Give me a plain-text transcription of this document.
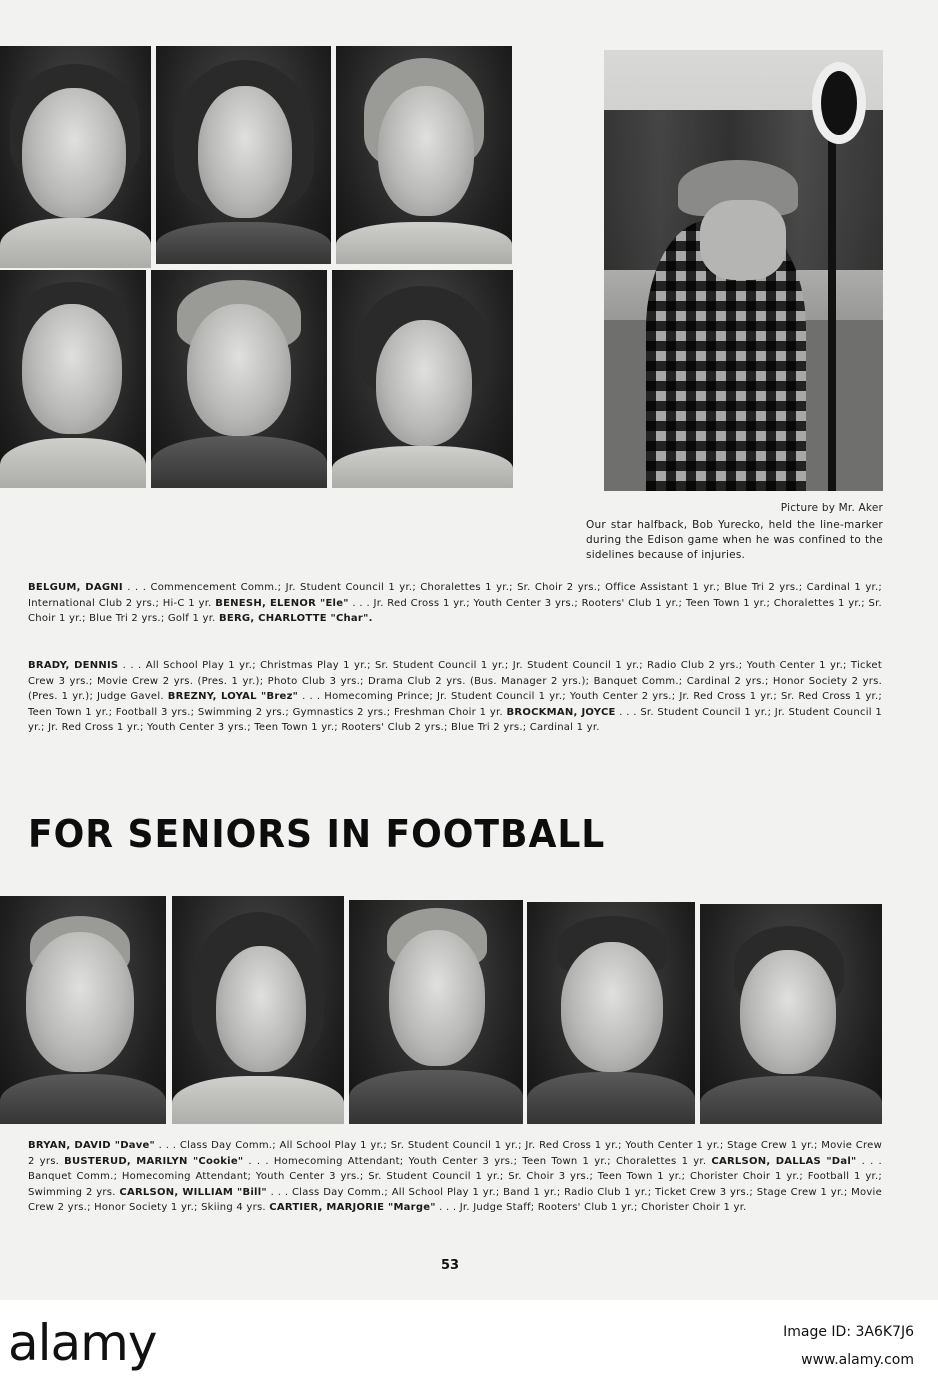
Picture by Mr. Aker
Our star halfback, Bob Yurecko, held the line-marker during the Edison game when he was confined to the sidelines because of injuries.
BELGUM, DAGNI . . . Commencement Comm.; Jr. Student Council 1 yr.; Choralettes 1 yr.; Sr. Choir 2 yrs.; Office Assistant 1 yr.; Blue Tri 2 yrs.; Cardinal 1 yr.; International Club 2 yrs.; Hi-C 1 yr. BENESH, ELENOR "Ele" . . . Jr. Red Cross 1 yr.; Youth Center 3 yrs.; Rooters' Club 1 yr.; Teen Town 1 yr.; Choralettes 1 yr.; Sr. Choir 1 yr.; Blue Tri 2 yrs.; Golf 1 yr. BERG, CHARLOTTE "Char".
BRADY, DENNIS . . . All School Play 1 yr.; Christmas Play 1 yr.; Sr. Student Council 1 yr.; Jr. Student Council 1 yr.; Radio Club 2 yrs.; Youth Center 1 yr.; Ticket Crew 3 yrs.; Movie Crew 2 yrs. (Pres. 1 yr.); Photo Club 3 yrs.; Drama Club 2 yrs. (Bus. Manager 2 yrs.); Banquet Comm.; Cardinal 2 yrs.; Honor Society 2 yrs. (Pres. 1 yr.); Judge Gavel. BREZNY, LOYAL "Brez" . . . Homecoming Prince; Jr. Student Council 1 yr.; Youth Center 2 yrs.; Jr. Red Cross 1 yr.; Sr. Red Cross 1 yr.; Teen Town 1 yr.; Football 3 yrs.; Swimming 2 yrs.; Gymnastics 2 yrs.; Freshman Choir 1 yr. BROCKMAN, JOYCE . . . Sr. Student Council 1 yr.; Jr. Student Council 1 yr.; Jr. Red Cross 1 yr.; Youth Center 3 yrs.; Teen Town 1 yr.; Rooters' Club 2 yrs.; Blue Tri 2 yrs.; Cardinal 1 yr.
FOR SENIORS IN FOOTBALL
BRYAN, DAVID "Dave" . . . Class Day Comm.; All School Play 1 yr.; Sr. Student Council 1 yr.; Jr. Red Cross 1 yr.; Youth Center 1 yr.; Stage Crew 1 yr.; Movie Crew 2 yrs. BUSTERUD, MARILYN "Cookie" . . . Homecoming Attendant; Youth Center 3 yrs.; Teen Town 1 yr.; Choralettes 1 yr. CARLSON, DALLAS "Dal" . . . Banquet Comm.; Homecoming Attendant; Youth Center 3 yrs.; Sr. Student Council 1 yr.; Sr. Choir 3 yrs.; Teen Town 1 yr.; Chorister Choir 1 yr.; Football 1 yr.; Swimming 2 yrs. CARLSON, WILLIAM "Bill" . . . Class Day Comm.; All School Play 1 yr.; Band 1 yr.; Radio Club 1 yr.; Ticket Crew 3 yrs.; Stage Crew 1 yr.; Movie Crew 2 yrs.; Honor Society 1 yr.; Skiing 4 yrs. CARTIER, MARJORIE "Marge" . . . Jr. Judge Staff; Rooters' Club 1 yr.; Chorister Choir 1 yr.
53
alamy	Image ID: 3A6K7J6
www.alamy.com
